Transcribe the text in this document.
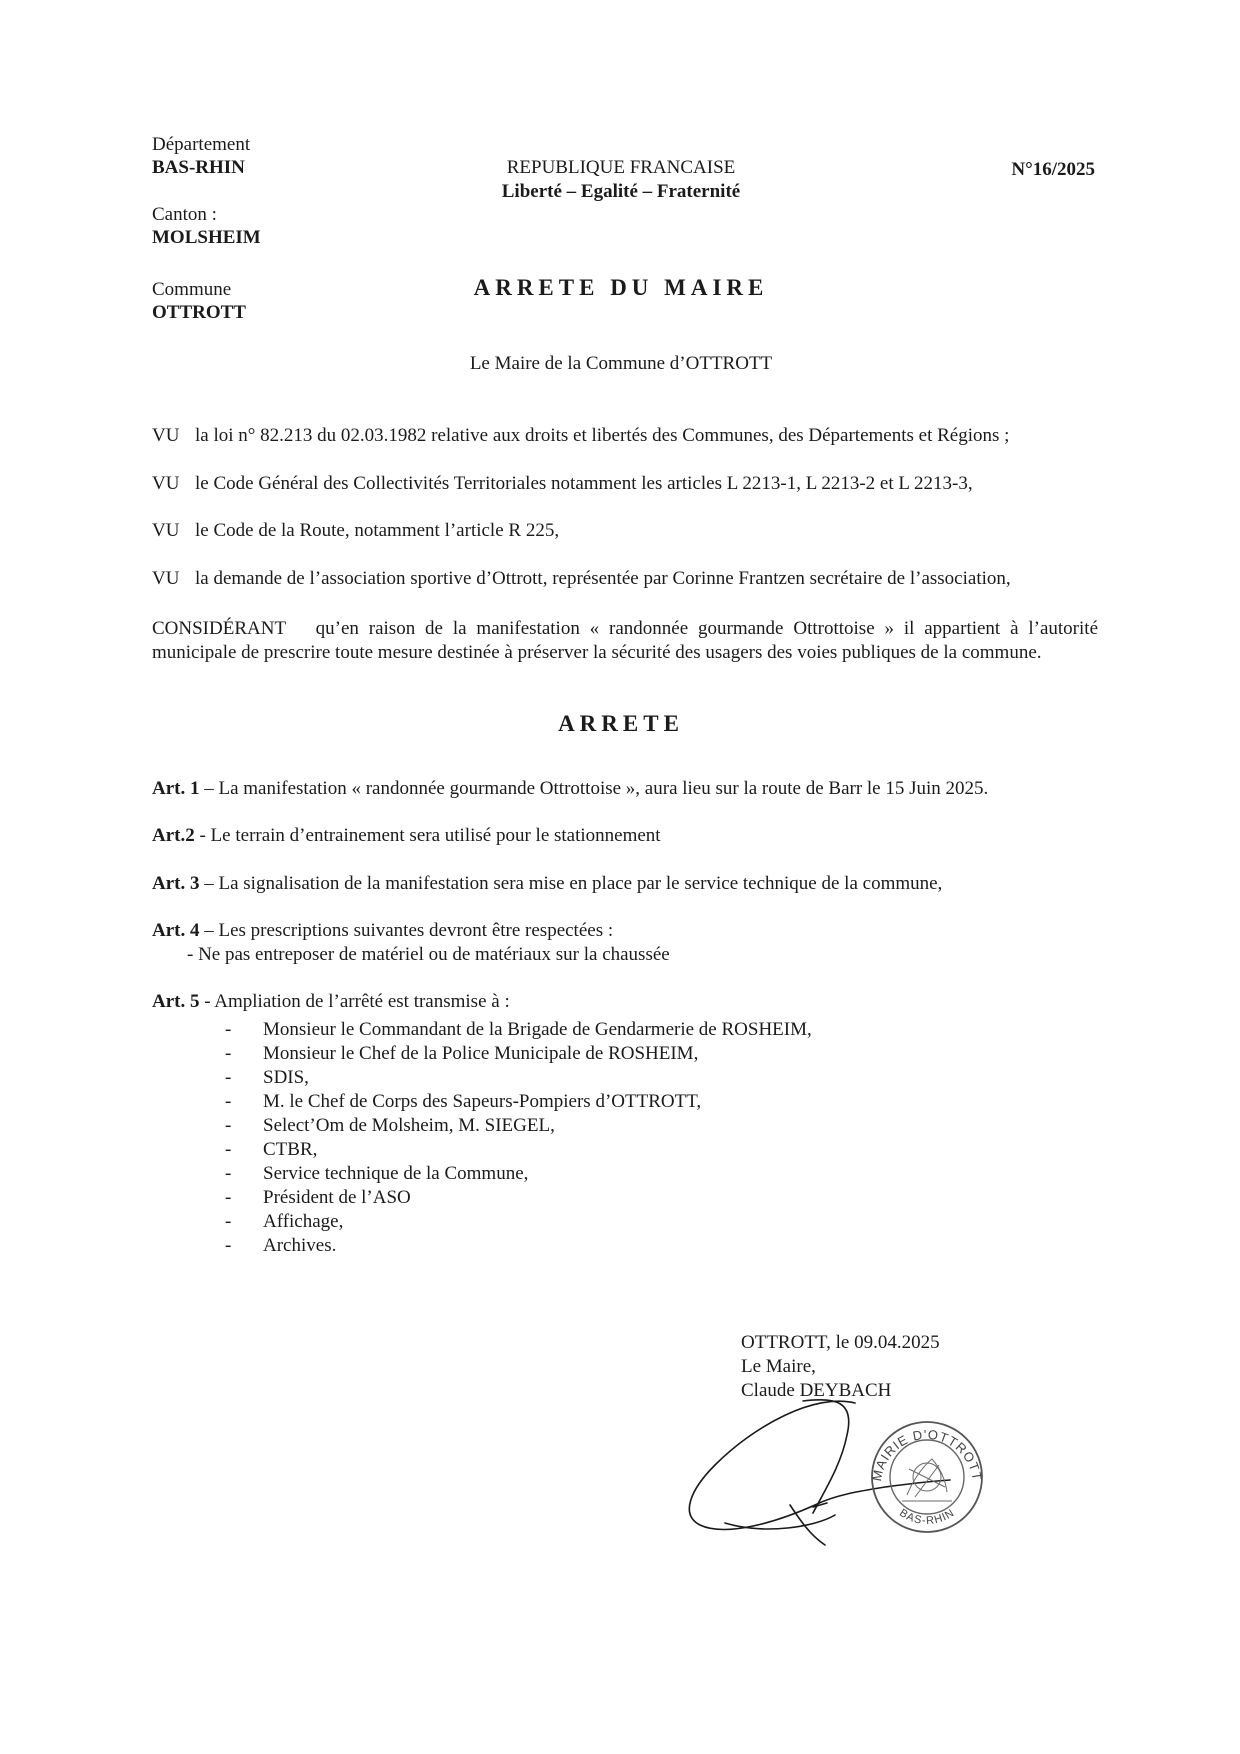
Département
BAS-RHIN
Canton :
MOLSHEIM
Commune
OTTROTT
REPUBLIQUE FRANCAISE
Liberté – Egalité – Fraternité
N°16/2025
ARRETE DU MAIRE
Le Maire de la Commune d’OTTROTT
VU la loi n° 82.213 du 02.03.1982 relative aux droits et libertés des Communes, des Départements et Régions ;
VU le Code Général des Collectivités Territoriales notamment les articles L 2213-1, L 2213-2 et L 2213-3,
VU le Code de la Route, notamment l’article R 225,
VU la demande de l’association sportive d’Ottrott, représentée par Corinne Frantzen secrétaire de l’association,
CONSIDÉRANT qu’en raison de la manifestation « randonnée gourmande Ottrottoise » il appartient à l’autorité municipale de prescrire toute mesure destinée à préserver la sécurité des usagers des voies publiques de la commune.
ARRETE
Art. 1 – La manifestation « randonnée gourmande Ottrottoise », aura lieu sur la route de Barr le 15 Juin 2025.
Art.2 - Le terrain d’entrainement sera utilisé pour le stationnement
Art. 3 – La signalisation de la manifestation sera mise en place par le service technique de la commune,
Art. 4 – Les prescriptions suivantes devront être respectées :
- Ne pas entreposer de matériel ou de matériaux sur la chaussée
Art. 5 - Ampliation de l’arrêté est transmise à :
- Monsieur le Commandant de la Brigade de Gendarmerie de ROSHEIM,
- Monsieur le Chef de la Police Municipale de ROSHEIM,
- SDIS,
- M. le Chef de Corps des Sapeurs-Pompiers d’OTTROTT,
- Select’Om de Molsheim, M. SIEGEL,
- CTBR,
- Service technique de la Commune,
- Président de l’ASO
- Affichage,
- Archives.
OTTROTT, le 09.04.2025
Le Maire,
Claude DEYBACH
MAIRIE D'OTTROTT
BAS-RHIN
